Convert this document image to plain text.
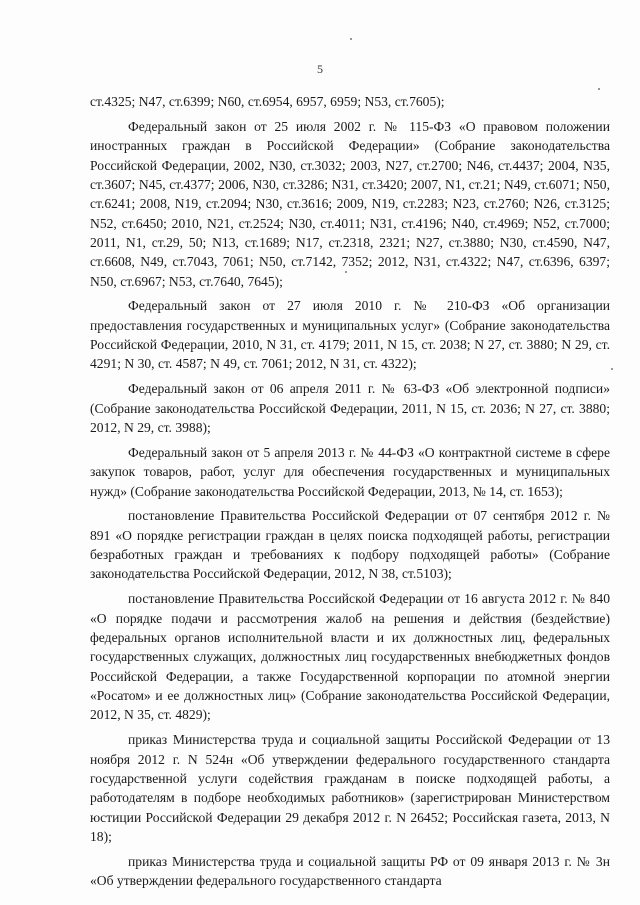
5

ст.4325; N47, ст.6399; N60, ст.6954, 6957, 6959; N53, ст.7605);

Федеральный закон от 25 июля 2002 г. № 115-ФЗ «О правовом положении иностранных граждан в Российской Федерации» (Собрание законодательства Российской Федерации, 2002, N30, ст.3032; 2003, N27, ст.2700; N46, ст.4437; 2004, N35, ст.3607; N45, ст.4377; 2006, N30, ст.3286; N31, ст.3420; 2007, N1, ст.21; N49, ст.6071; N50, ст.6241; 2008, N19, ст.2094; N30, ст.3616; 2009, N19, ст.2283; N23, ст.2760; N26, ст.3125; N52, ст.6450; 2010, N21, ст.2524; N30, ст.4011; N31, ст.4196; N40, ст.4969; N52, ст.7000; 2011, N1, ст.29, 50; N13, ст.1689; N17, ст.2318, 2321; N27, ст.3880; N30, ст.4590, N47, ст.6608, N49, ст.7043, 7061; N50, ст.7142, 7352; 2012, N31, ст.4322; N47, ст.6396, 6397; N50, ст.6967; N53, ст.7640, 7645);

Федеральный закон от 27 июля 2010 г. № 210-ФЗ «Об организации предоставления государственных и муниципальных услуг» (Собрание законодательства Российской Федерации, 2010, N 31, ст. 4179; 2011, N 15, ст. 2038; N 27, ст. 3880; N 29, ст. 4291; N 30, ст. 4587; N 49, ст. 7061; 2012, N 31, ст. 4322);

Федеральный закон от 06 апреля 2011 г. № 63-ФЗ «Об электронной подписи» (Собрание законодательства Российской Федерации, 2011, N 15, ст. 2036; N 27, ст. 3880; 2012, N 29, ст. 3988);

Федеральный закон от 5 апреля 2013 г. № 44-ФЗ «О контрактной системе в сфере закупок товаров, работ, услуг для обеспечения государственных и муниципальных нужд» (Собрание законодательства Российской Федерации, 2013, № 14, ст. 1653);

постановление Правительства Российской Федерации от 07 сентября 2012 г. № 891 «О порядке регистрации граждан в целях поиска подходящей работы, регистрации безработных граждан и требованиях к подбору подходящей работы» (Собрание законодательства Российской Федерации, 2012, N 38, ст.5103);

постановление Правительства Российской Федерации от 16 августа 2012 г. № 840 «О порядке подачи и рассмотрения жалоб на решения и действия (бездействие) федеральных органов исполнительной власти и их должностных лиц, федеральных государственных служащих, должностных лиц государственных внебюджетных фондов Российской Федерации, а также Государственной корпорации по атомной энергии «Росатом» и ее должностных лиц» (Собрание законодательства Российской Федерации, 2012, N 35, ст. 4829);

приказ Министерства труда и социальной защиты Российской Федерации от 13 ноября 2012 г. N 524н «Об утверждении федерального государственного стандарта государственной услуги содействия гражданам в поиске подходящей работы, а работодателям в подборе необходимых работников» (зарегистрирован Министерством юстиции Российской Федерации 29 декабря 2012 г. N 26452; Российская газета, 2013, N 18);

приказ Министерства труда и социальной защиты РФ от 09 января 2013 г. № 3н «Об утверждении федерального государственного стандарта
